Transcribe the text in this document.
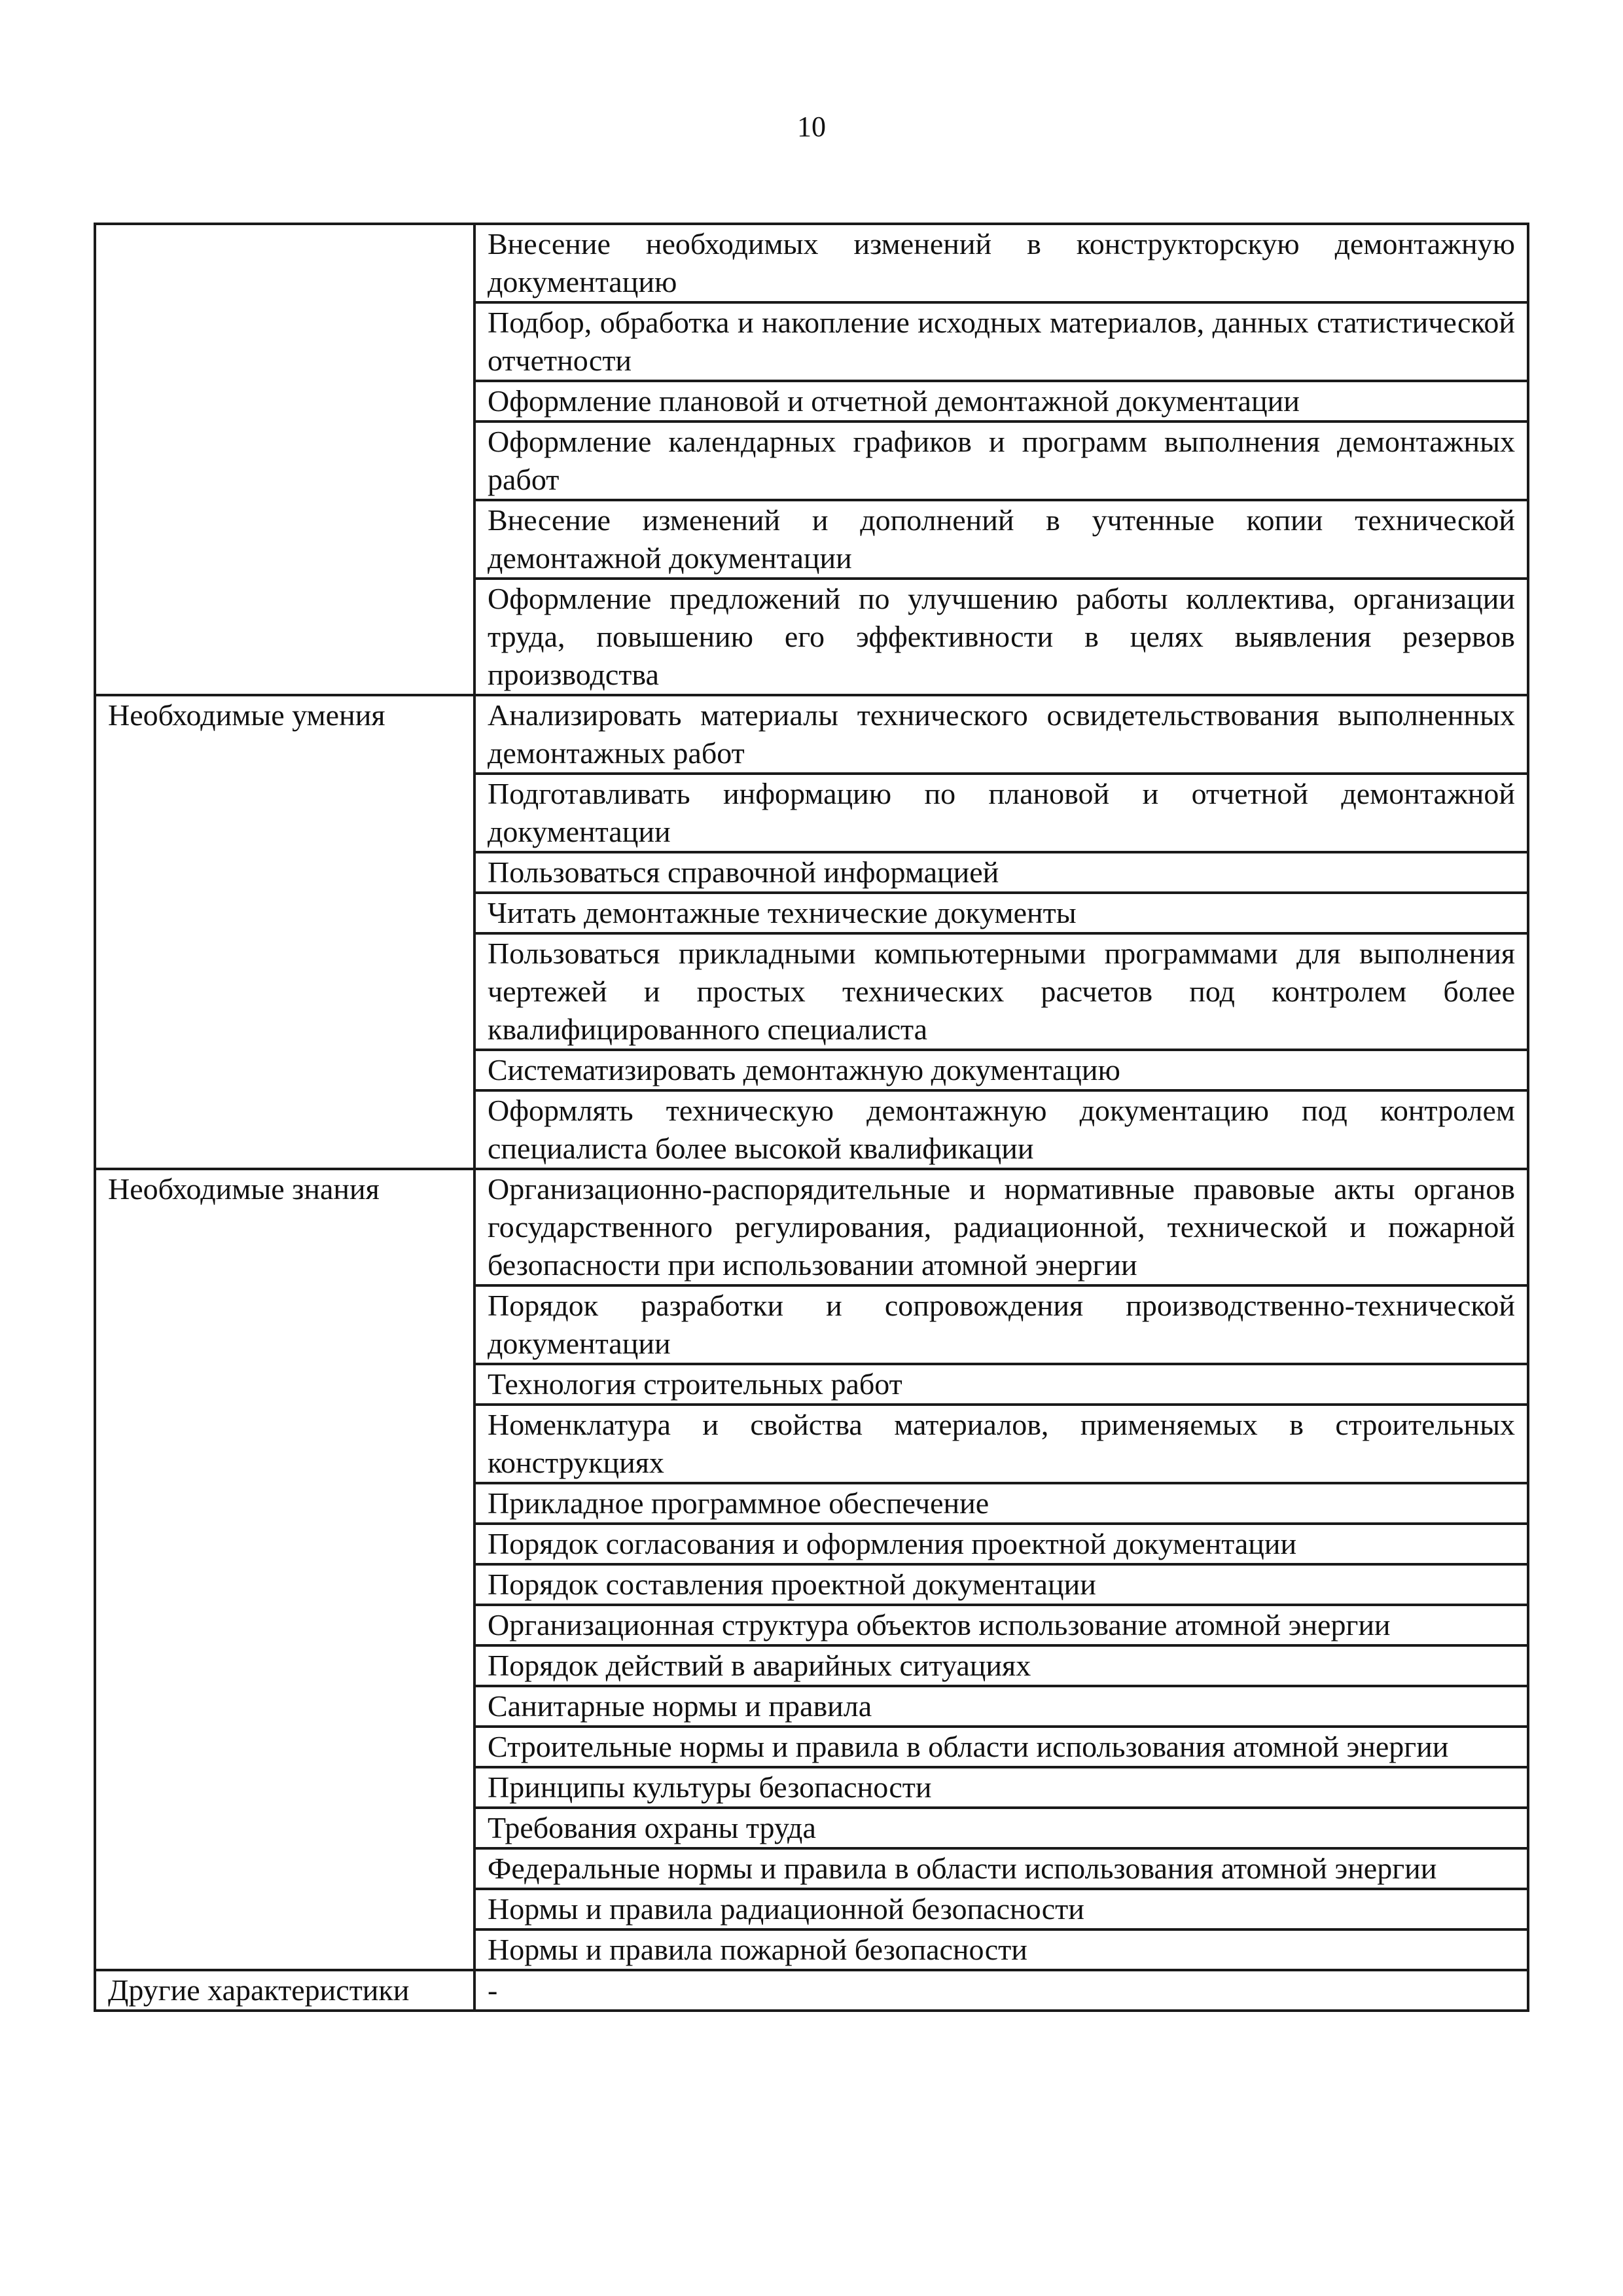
10
	Внесение необходимых изменений в конструкторскую демонтажную документацию
	Подбор, обработка и накопление исходных материалов, данных статистической отчетности
	Оформление плановой и отчетной демонтажной документации
	Оформление календарных графиков и программ выполнения демонтажных работ
	Внесение изменений и дополнений в учтенные копии технической демонтажной документации
	Оформление предложений по улучшению работы коллектива, организации труда, повышению его эффективности в целях выявления резервов производства
Необходимые умения	Анализировать материалы технического освидетельствования выполненных демонтажных работ
	Подготавливать информацию по плановой и отчетной демонтажной документации
	Пользоваться справочной информацией
	Читать демонтажные технические документы
	Пользоваться прикладными компьютерными программами для выполнения чертежей и простых технических расчетов под контролем более квалифицированного специалиста
	Систематизировать демонтажную документацию
	Оформлять техническую демонтажную документацию под контролем специалиста более высокой квалификации
Необходимые знания	Организационно-распорядительные и нормативные правовые акты органов государственного регулирования, радиационной, технической и пожарной безопасности при использовании атомной энергии
	Порядок разработки и сопровождения производственно-технической документации
	Технология строительных работ
	Номенклатура и свойства материалов, применяемых в строительных конструкциях
	Прикладное программное обеспечение
	Порядок согласования и оформления проектной документации
	Порядок составления проектной документации
	Организационная структура объектов использование атомной энергии
	Порядок действий в аварийных ситуациях
	Санитарные нормы и правила
	Строительные нормы и правила в области использования атомной энергии
	Принципы культуры безопасности
	Требования охраны труда
	Федеральные нормы и правила в области использования атомной энергии
	Нормы и правила радиационной безопасности
	Нормы и правила пожарной безопасности
Другие характеристики	-
